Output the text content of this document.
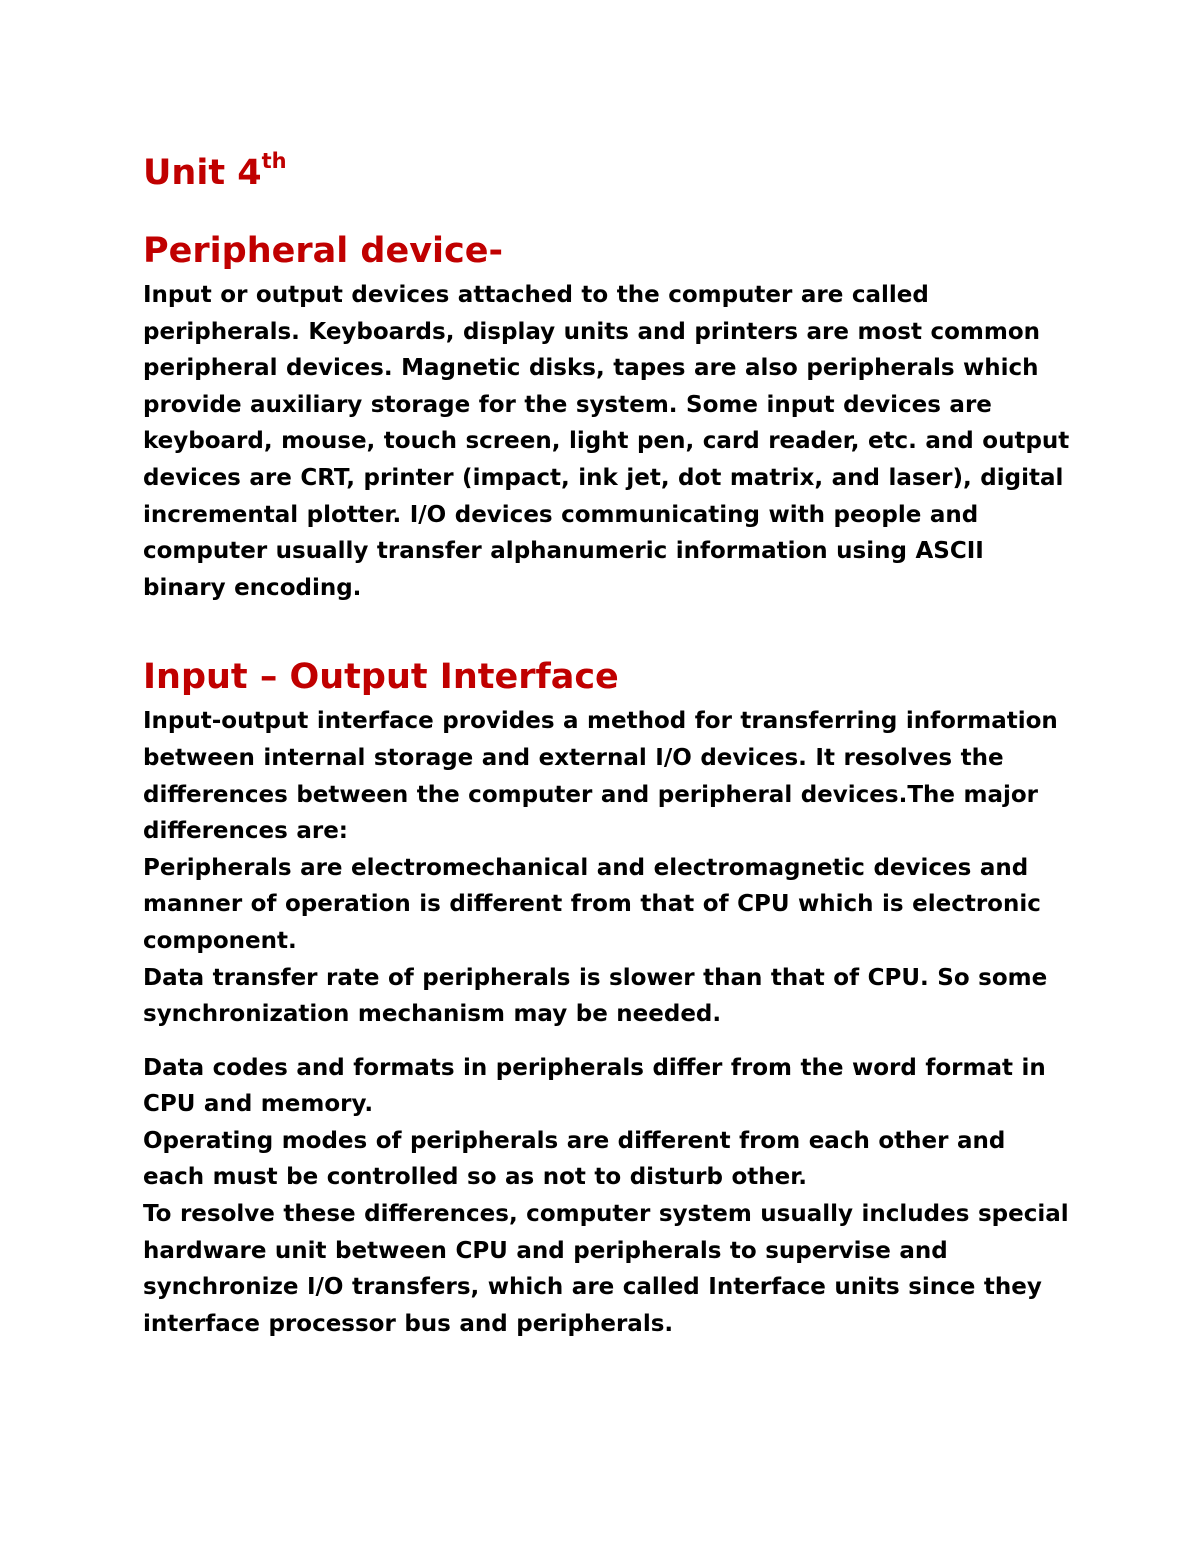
Unit 4th
Peripheral device-

Input or output devices attached to the computer are called peripherals. Keyboards, display units and printers are most common peripheral devices. Magnetic disks, tapes are also peripherals which provide auxiliary storage for the system. Some input devices are keyboard, mouse, touch screen, light pen, card reader, etc. and output devices are CRT, printer (impact, ink jet, dot matrix, and laser), digital incremental plotter. I/O devices communicating with people and computer usually transfer alphanumeric information using ASCII binary encoding.

Input – Output Interface

Input-output interface provides a method for transferring information between internal storage and external I/O devices. It resolves the differences between the computer and peripheral devices.The major differences are:

Peripherals are electromechanical and electromagnetic devices and manner of operation is different from that of CPU which is electronic component.

Data transfer rate of peripherals is slower than that of CPU. So some synchronization mechanism may be needed.

Data codes and formats in peripherals differ from the word format in CPU and memory.

Operating modes of peripherals are different from each other and each must be controlled so as not to disturb other.

To resolve these differences, computer system usually includes special hardware unit between CPU and peripherals to supervise and synchronize I/O transfers, which are called Interface units since they interface processor bus and peripherals.
